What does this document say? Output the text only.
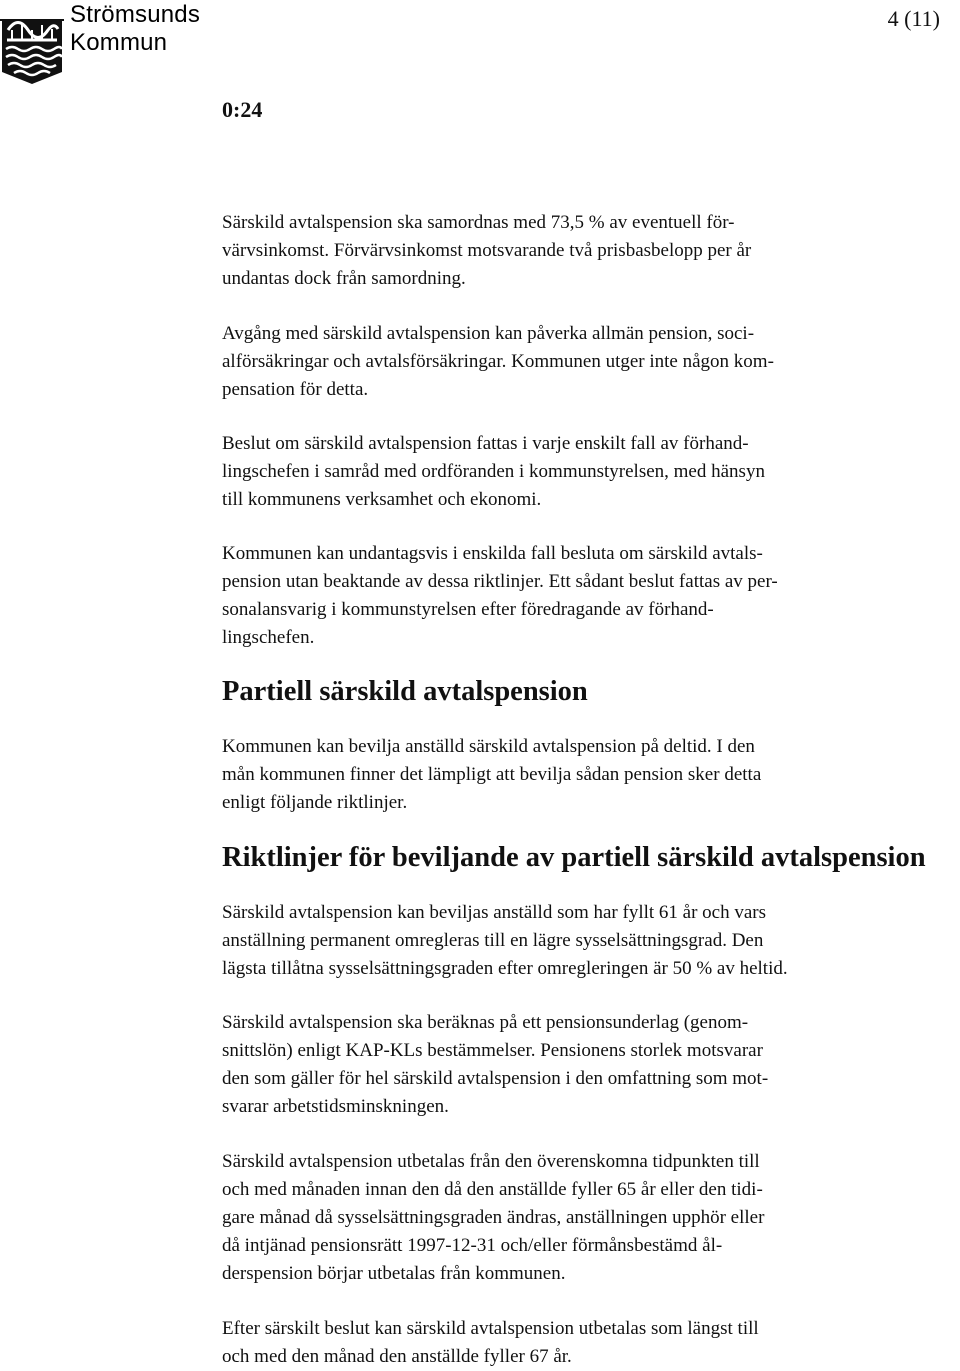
Strömsunds
Kommun
4 (11)
0:24

Särskild avtalspension ska samordnas med 73,5 % av eventuell för-
värvsinkomst. Förvärvsinkomst motsvarande två prisbasbelopp per år
undantas dock från samordning.

Avgång med särskild avtalspension kan påverka allmän pension, soci-
alförsäkringar och avtalsförsäkringar. Kommunen utger inte någon kom-
pensation för detta.

Beslut om särskild avtalspension fattas i varje enskilt fall av förhand-
lingschefen i samråd med ordföranden i kommunstyrelsen, med hänsyn
till kommunens verksamhet och ekonomi.

Kommunen kan undantagsvis i enskilda fall besluta om särskild avtals-
pension utan beaktande av dessa riktlinjer. Ett sådant beslut fattas av per-
sonalansvarig i kommunstyrelsen efter föredragande av förhand-
lingschefen.

Partiell särskild avtalspension

Kommunen kan bevilja anställd särskild avtalspension på deltid. I den
mån kommunen finner det lämpligt att bevilja sådan pension sker detta
enligt följande riktlinjer.

Riktlinjer för beviljande av partiell särskild avtalspension

Särskild avtalspension kan beviljas anställd som har fyllt 61 år och vars
anställning permanent omregleras till en lägre sysselsättningsgrad. Den
lägsta tillåtna sysselsättningsgraden efter omregleringen är 50 % av heltid.

Särskild avtalspension ska beräknas på ett pensionsunderlag (genom-
snittslön) enligt KAP-KLs bestämmelser. Pensionens storlek motsvarar
den som gäller för hel särskild avtalspension i den omfattning som mot-
svarar arbetstidsminskningen.

Särskild avtalspension utbetalas från den överenskomna tidpunkten till
och med månaden innan den då den anställde fyller 65 år eller den tidi-
gare månad då sysselsättningsgraden ändras, anställningen upphör eller
då intjänad pensionsrätt 1997-12-31 och/eller förmånsbestämd ål-
derspension börjar utbetalas från kommunen.

Efter särskilt beslut kan särskild avtalspension utbetalas som längst till
och med den månad den anställde fyller 67 år.
